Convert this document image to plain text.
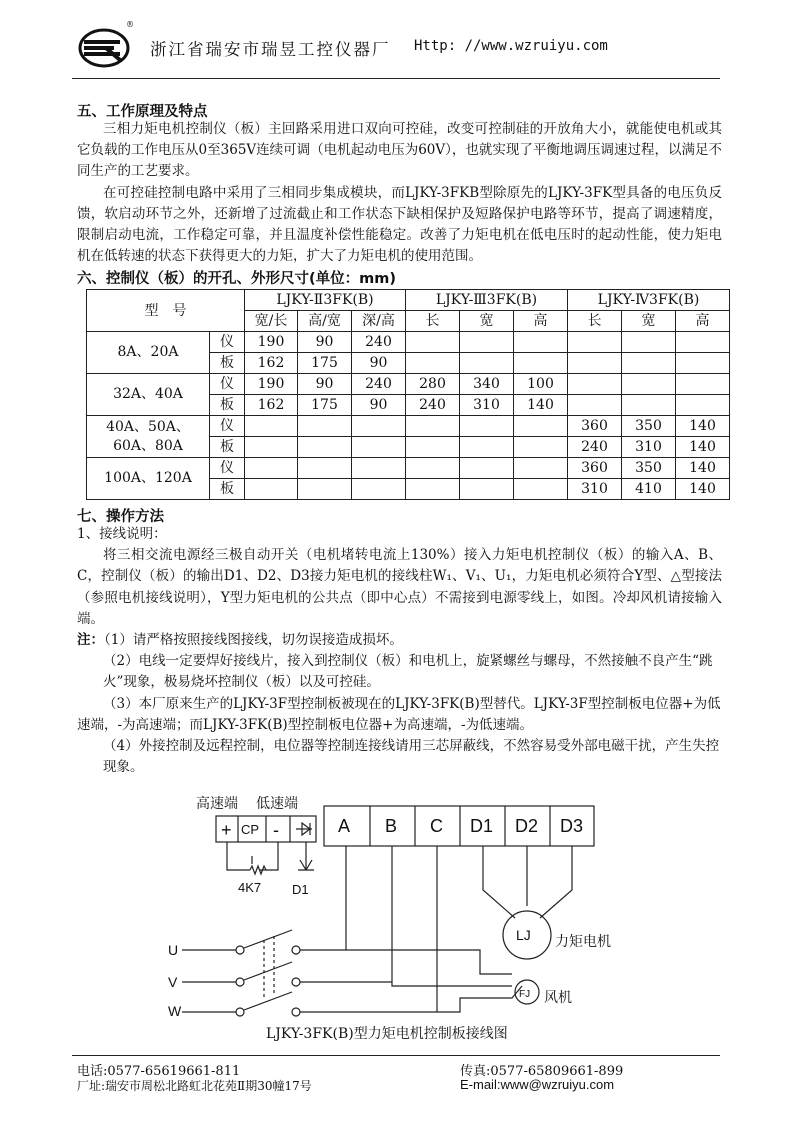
®
浙江省瑞安市瑞昱工控仪器厂 Http: //www.wzruiyu.com
五、工作原理及特点

三相力矩电机控制仪（板）主回路采用进口双向可控硅，改变可控制硅的开放角大小，就能使电机或其它负载的工作电压从0至365V连续可调（电机起动电压为60V），也就实现了平衡地调压调速过程，以满足不同生产的工艺要求。

在可控硅控制电路中采用了三相同步集成模块，而LJKY-3FKB型除原先的LJKY-3FK型具备的电压负反馈，软启动环节之外，还新增了过流截止和工作状态下缺相保护及短路保护电路等环节，提高了调速精度，限制启动电流，工作稳定可靠，并且温度补偿性能稳定。改善了力矩电机在低电压时的起动性能，使力矩电机在低转速的状态下获得更大的力矩，扩大了力矩电机的使用范围。

六、控制仪（板）的开孔、外形尺寸(单位：mm)
型　号		LJKY-Ⅱ3FK(B)			LJKY-Ⅲ3FK(B)			LJKY-Ⅳ3FK(B)		
		宽/长	高/宽	深/高	长	宽	高	长	宽	高
8A、20A	仪	190	90	240						
	板	162	175	90						
32A、40A	仪	190	90	240	280	340	100			
	板	162	175	90	240	310	140			
40A、50A、60A、80A	仪							360	350	140
	板							240	310	140
100A、120A	仪							360	350	140
	板							310	410	140
七、操作方法

1、接线说明：

将三相交流电源经三极自动开关（电机堵转电流上130%）接入力矩电机控制仪（板）的输入A、B、C，控制仪（板）的输出D1、D2、D3接力矩电机的接线柱W₁、V₁、U₁，力矩电机必须符合Y型、△型接法（参照电机接线说明），Y型力矩电机的公共点（即中心点）不需接到电源零线上，如图。冷却风机请接输入端。

注：（1）请严格按照接线图接线，切勿误接造成损坏。

（2）电线一定要焊好接线片，接入到控制仪（板）和电机上，旋紧螺丝与螺母，不然接触不良产生“跳火”现象，极易烧坏控制仪（板）以及可控硅。

（3）本厂原来生产的LJKY-3F型控制板被现在的LJKY-3FK(B)型替代。LJKY-3F型控制板电位器+为低速端，-为高速端；而LJKY-3FK(B)型控制板电位器+为高速端，-为低速端。

（4）外接控制及远程控制，电位器等控制连接线请用三芯屏蔽线，不然容易受外部电磁干扰，产生失控现象。

高速端 低速端
+ CP -
4K7 D1
A B C D1 D2 D3
LJ 力矩电机
U
V
W
FJ 风机
LJKY-3FK(B)型力矩电机控制板接线图
电话:0577-65619661-811	传真:0577-65809661-899
厂址:瑞安市周松北路虹北花苑Ⅱ期30幢17号	E-mail:www@wzruiyu.com
